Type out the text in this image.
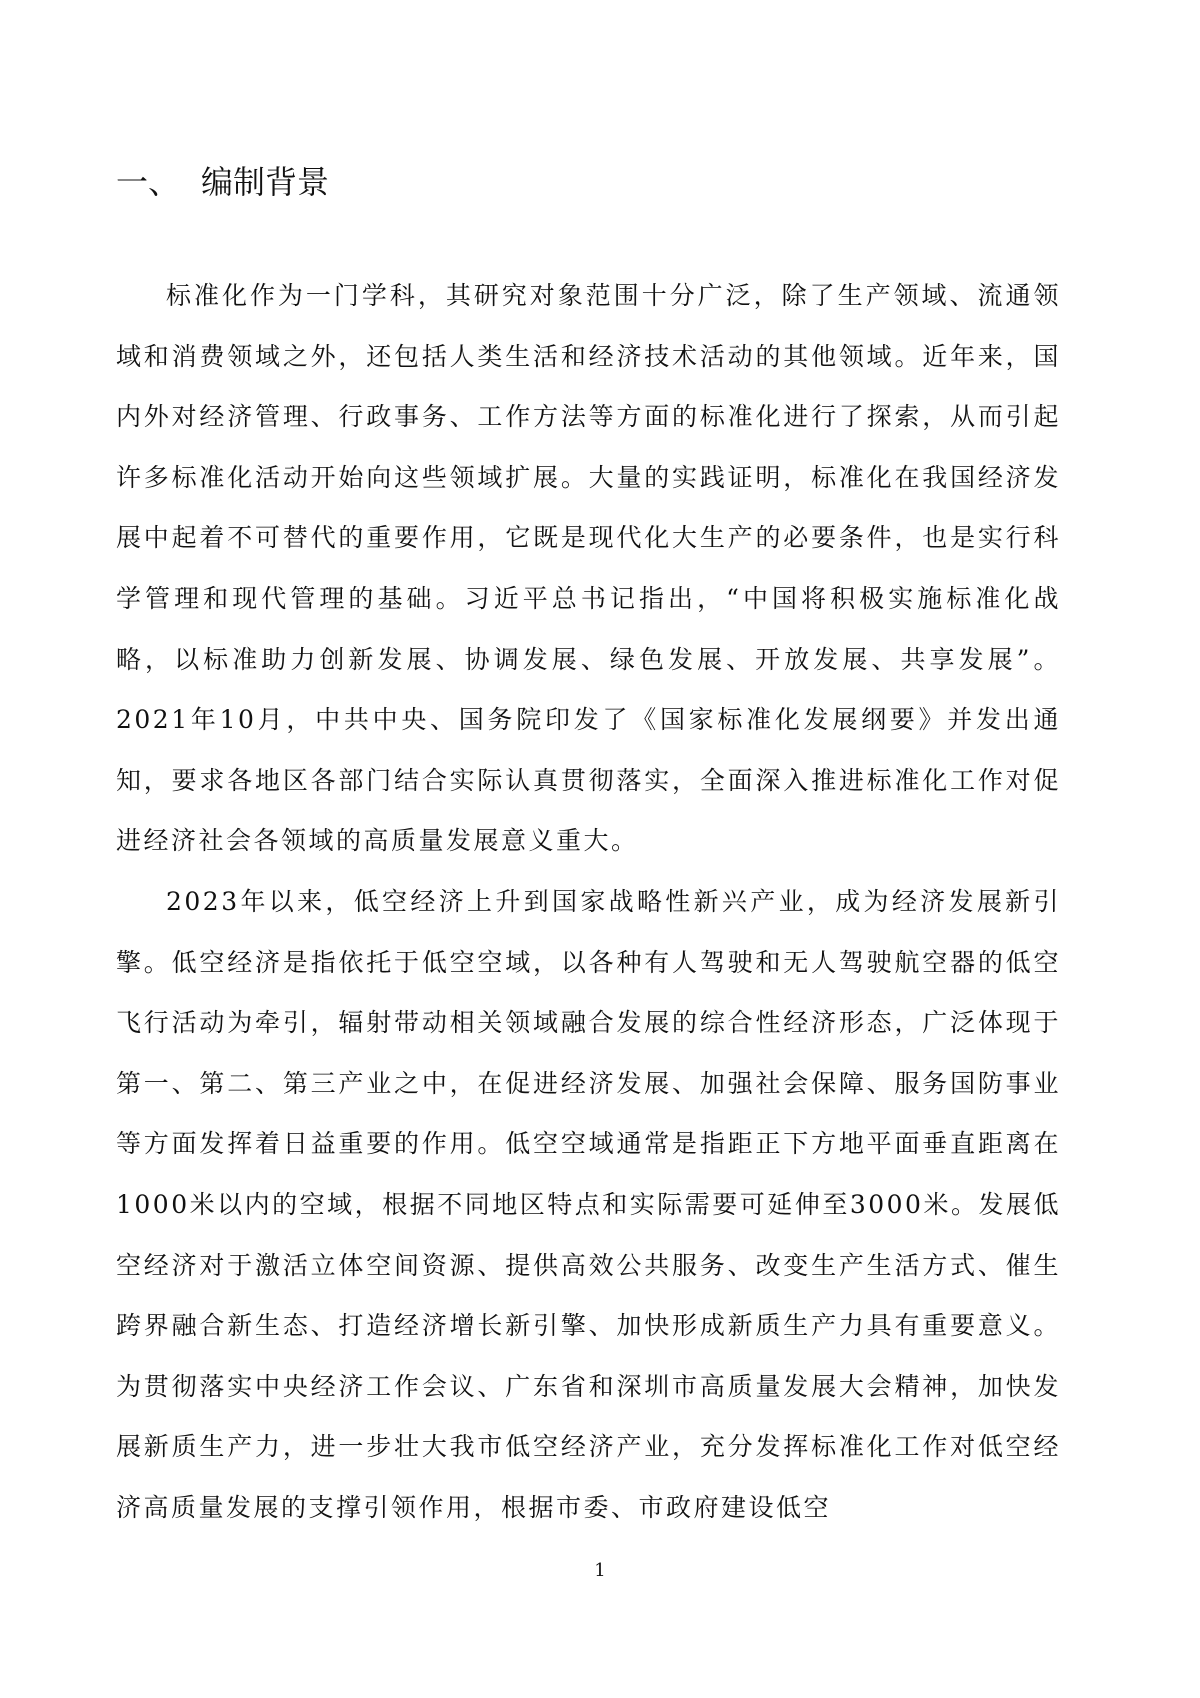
一、 编制背景

标准化作为一门学科，其研究对象范围十分广泛，除了生产领域、流通领域和消费领域之外，还包括人类生活和经济技术活动的其他领域。近年来，国内外对经济管理、行政事务、工作方法等方面的标准化进行了探索，从而引起许多标准化活动开始向这些领域扩展。大量的实践证明，标准化在我国经济发展中起着不可替代的重要作用，它既是现代化大生产的必要条件，也是实行科学管理和现代管理的基础。习近平总书记指出，“中国将积极实施标准化战略，以标准助力创新发展、协调发展、绿色发展、开放发展、共享发展”。2021年10月，中共中央、国务院印发了《国家标准化发展纲要》并发出通知，要求各地区各部门结合实际认真贯彻落实，全面深入推进标准化工作对促进经济社会各领域的高质量发展意义重大。

2023年以来，低空经济上升到国家战略性新兴产业，成为经济发展新引擎。低空经济是指依托于低空空域，以各种有人驾驶和无人驾驶航空器的低空飞行活动为牵引，辐射带动相关领域融合发展的综合性经济形态，广泛体现于第一、第二、第三产业之中，在促进经济发展、加强社会保障、服务国防事业等方面发挥着日益重要的作用。低空空域通常是指距正下方地平面垂直距离在1000米以内的空域，根据不同地区特点和实际需要可延伸至3000米。发展低空经济对于激活立体空间资源、提供高效公共服务、改变生产生活方式、催生跨界融合新生态、打造经济增长新引擎、加快形成新质生产力具有重要意义。为贯彻落实中央经济工作会议、广东省和深圳市高质量发展大会精神，加快发展新质生产力，进一步壮大我市低空经济产业，充分发挥标准化工作对低空经济高质量发展的支撑引领作用，根据市委、市政府建设低空

1
